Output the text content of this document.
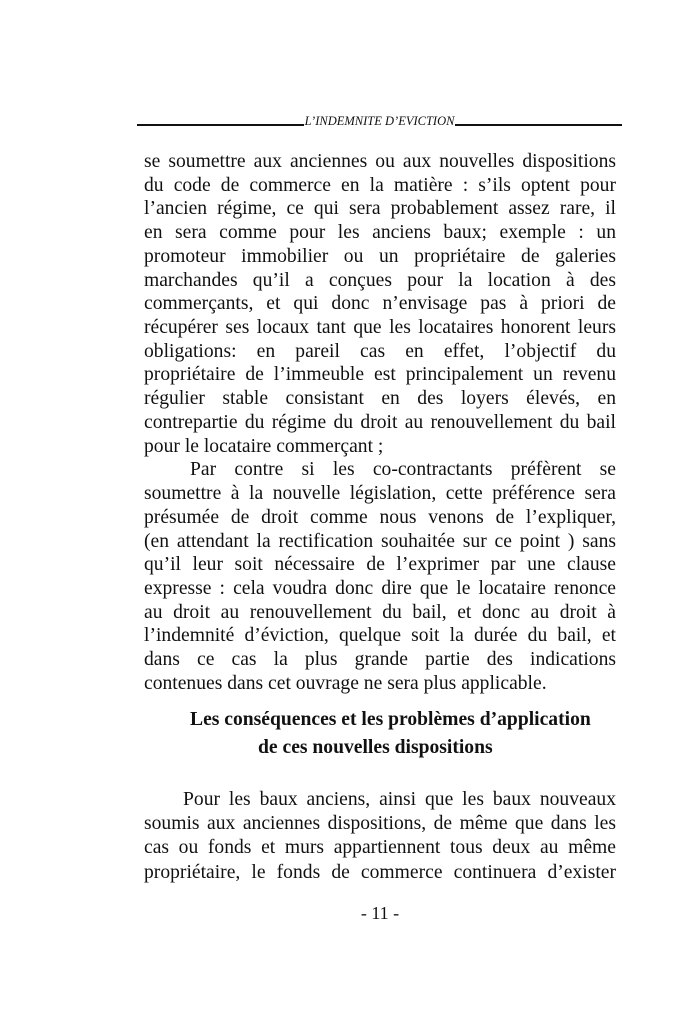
L’INDEMNITE D’EVICTION
se soumettre aux anciennes ou aux nouvelles dispositions
du code de commerce en la matière : s’ils optent pour
l’ancien régime, ce qui sera probablement assez rare, il
en sera comme pour les anciens baux; exemple : un
promoteur immobilier ou un propriétaire de galeries
marchandes qu’il a conçues pour la location à des
commerçants, et qui donc n’envisage pas à priori de
récupérer ses locaux tant que les locataires honorent leurs
obligations: en pareil cas en effet, l’objectif du
propriétaire de l’immeuble est principalement un revenu
régulier stable consistant en des loyers élevés, en
contrepartie du régime du droit au renouvellement du bail
pour le locataire commerçant ;
Par contre si les co-contractants préfèrent se
soumettre à la nouvelle législation, cette préférence sera
présumée de droit comme nous venons de l’expliquer,
(en attendant la rectification souhaitée sur ce point ) sans
qu’il leur soit nécessaire de l’exprimer par une clause
expresse : cela voudra donc dire que le locataire renonce
au droit au renouvellement du bail, et donc au droit à
l’indemnité d’éviction, quelque soit la durée du bail, et
dans ce cas la plus grande partie des indications
contenues dans cet ouvrage ne sera plus applicable.
Pour les baux anciens, ainsi que les baux nouveaux
soumis aux anciennes dispositions, de même que dans les
cas ou fonds et murs appartiennent tous deux au même
propriétaire, le fonds de commerce continuera d’exister
Les conséquences et les problèmes d’application
de ces nouvelles dispositions
- 11 -
